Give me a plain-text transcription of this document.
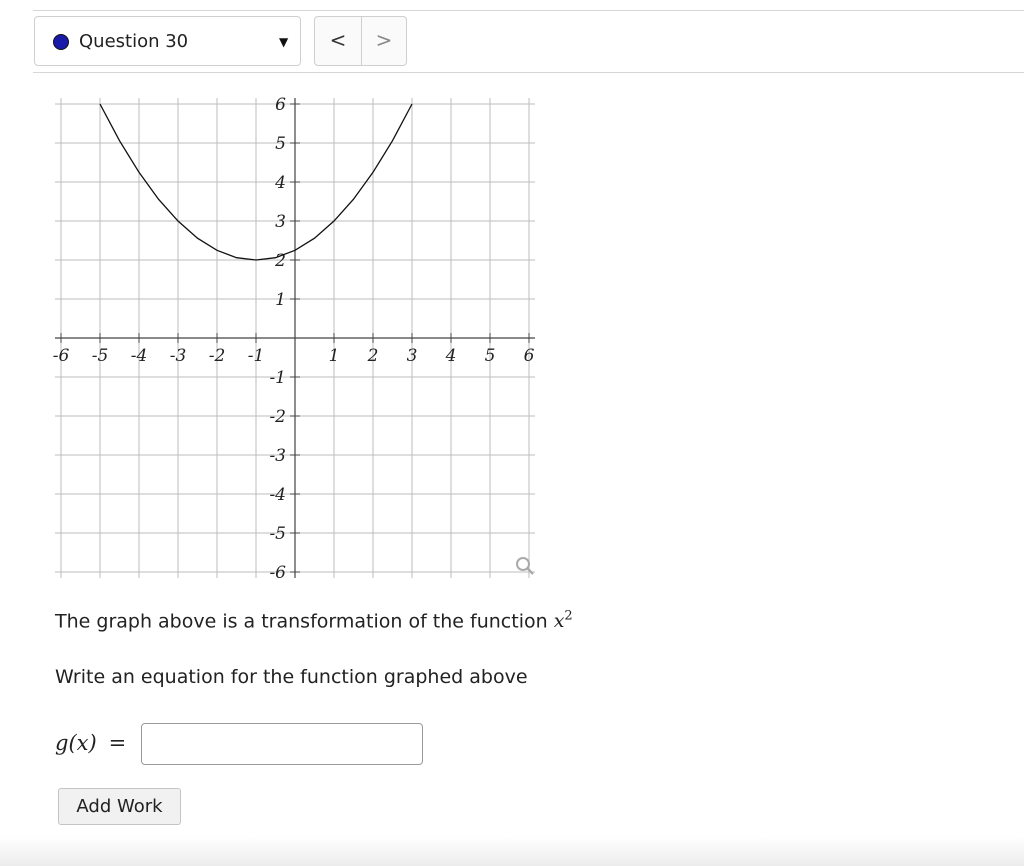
Question 30	▼	<	>
-6 -5 -4 -3 -2 -1	1 2 3 4 5 6
6
5
4
3
2
1
-1
-2
-3
-4
-5
-6
The graph above is a transformation of the function $x^2$
Write an equation for the function graphed above
g(x) =
Add Work
